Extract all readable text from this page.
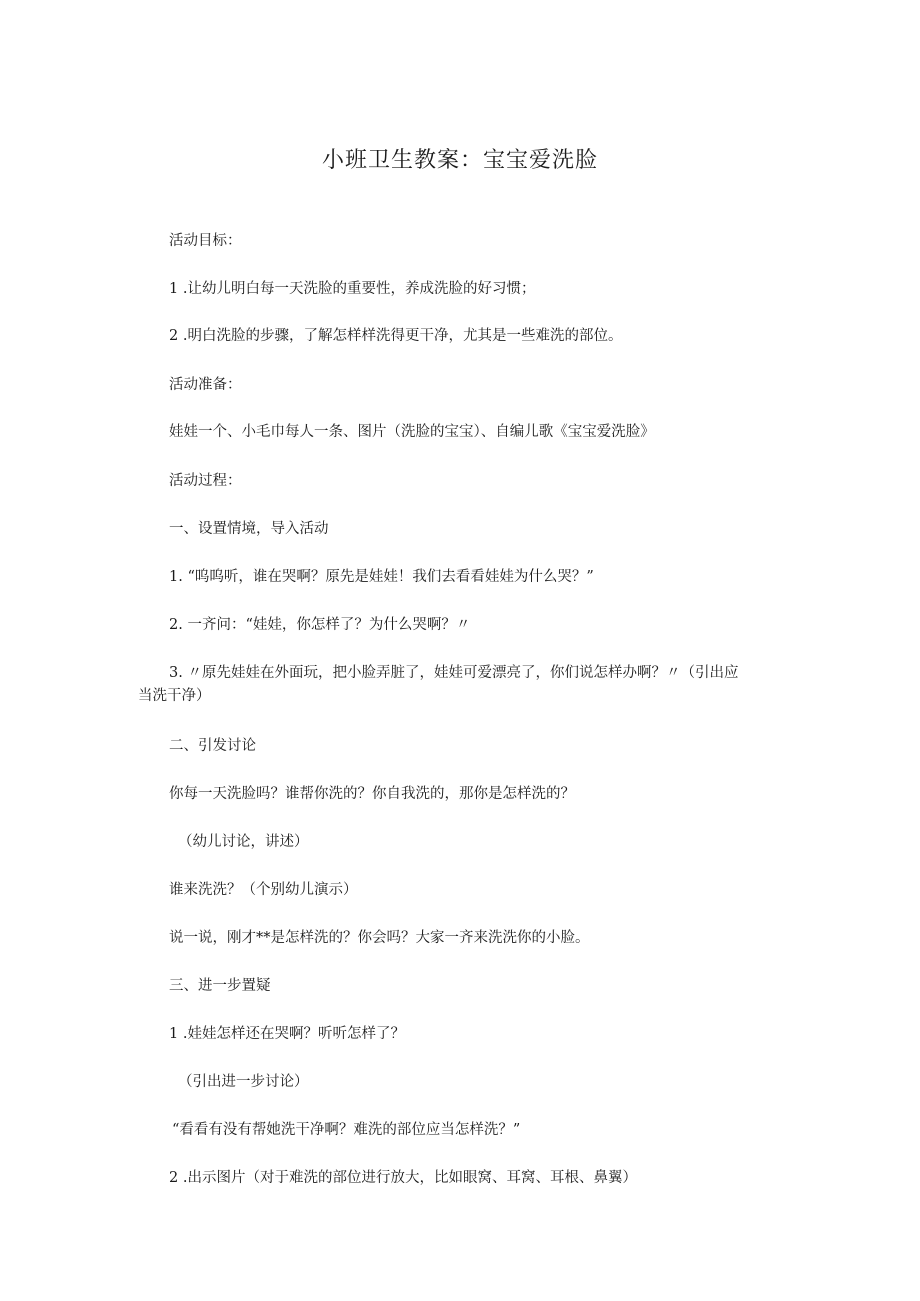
小班卫生教案：宝宝爱洗脸
活动目标：
1 .让幼儿明白每一天洗脸的重要性，养成洗脸的好习惯；
2 .明白洗脸的步骤，了解怎样样洗得更干净，尤其是一些难洗的部位。
活动准备：
娃娃一个、小毛巾每人一条、图片（洗脸的宝宝）、自编儿歌《宝宝爱洗脸》
活动过程：
一、设置情境，导入活动
1. “呜呜听，谁在哭啊？原先是娃娃！我们去看看娃娃为什么哭？”
2. 一齐问：“娃娃，你怎样了？为什么哭啊？〃
3. 〃原先娃娃在外面玩，把小脸弄脏了，娃娃可爱漂亮了，你们说怎样办啊？〃（引出应
当洗干净）
二、引发讨论
你每一天洗脸吗？谁帮你洗的？你自我洗的，那你是怎样洗的？
（幼儿讨论，讲述）
谁来洗洗？（个别幼儿演示）
说一说，刚才**是怎样洗的？你会吗？大家一齐来洗洗你的小脸。
三、进一步置疑
1 .娃娃怎样还在哭啊？听听怎样了？
（引出进一步讨论）
“看看有没有帮她洗干净啊？难洗的部位应当怎样洗？”
2 .出示图片（对于难洗的部位进行放大，比如眼窝、耳窝、耳根、鼻翼）
